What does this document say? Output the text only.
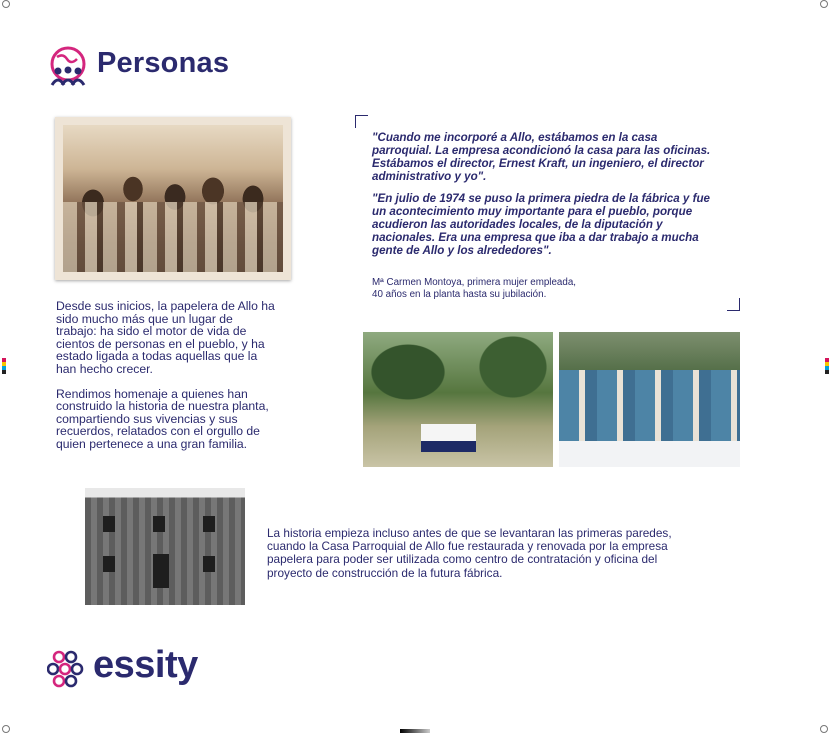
Personas

Desde sus inicios, la papelera de Allo ha sido mucho más que un lugar de trabajo: ha sido el motor de vida de cientos de personas en el pueblo, y ha estado ligada a todas aquellas que la han hecho crecer.

Rendimos homenaje a quienes han construido la historia de nuestra planta, compartiendo sus vivencias y sus recuerdos, relatados con el orgullo de quien pertenece a una gran familia.

"Cuando me incorporé a Allo, estábamos en la casa parroquial. La empresa acondicionó la casa para las oficinas. Estábamos el director, Ernest Kraft, un ingeniero, el director administrativo y yo".

"En julio de 1974 se puso la primera piedra de la fábrica y fue un acontecimiento muy importante para el pueblo, porque acudieron las autoridades locales, de la diputación y nacionales. Era una empresa que iba a dar trabajo a mucha gente de Allo y los alrededores".

Mª Carmen Montoya, primera mujer empleada,
40 años en la planta hasta su jubilación.
La historia empieza incluso antes de que se levantaran las primeras paredes, cuando la Casa Parroquial de Allo fue restaurada y renovada por la empresa papelera para poder ser utilizada como centro de contratación y oficina del proyecto de construcción de la futura fábrica.
essity
